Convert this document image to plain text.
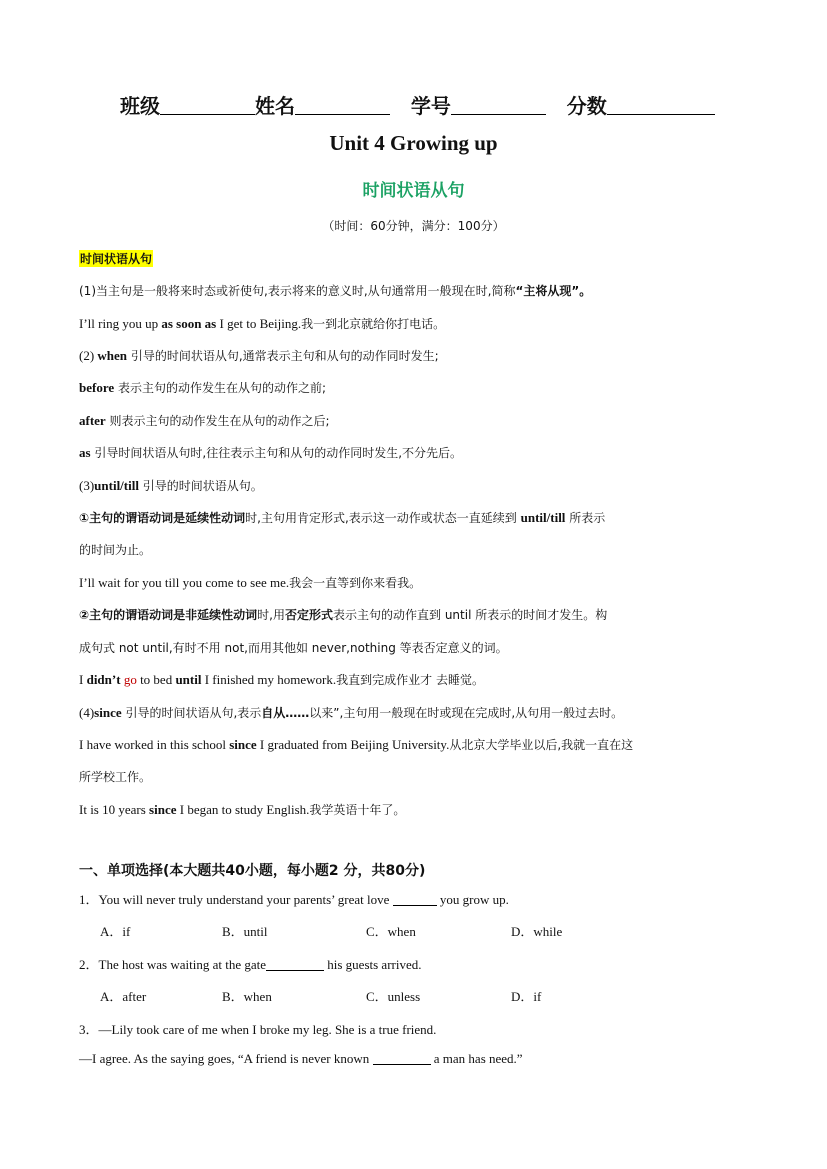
班级	姓名	学号	分数
Unit 4 Growing up
时间状语从句
（时间：60分钟，满分：100分）
时间状语从句
(1)当主句是一般将来时态或祈使句,表示将来的意义时,从句通常用一般现在时,简称“主将从现”。
I’ll ring you up as soon as I get to Beijing.我一到北京就给你打电话。
(2) when 引导的时间状语从句,通常表示主句和从句的动作同时发生;
before 表示主句的动作发生在从句的动作之前;
after 则表示主句的动作发生在从句的动作之后;
as 引导时间状语从句时,往往表示主句和从句的动作同时发生,不分先后。
(3)until/till 引导的时间状语从句。
①主句的谓语动词是延续性动词时,主句用肯定形式,表示这一动作或状态一直延续到 until/till 所表示
的时间为止。
I’ll wait for you till you come to see me.我会一直等到你来看我。
②主句的谓语动词是非延续性动词时,用否定形式表示主句的动作直到 until 所表示的时间才发生。构
成句式 not until,有时不用 not,而用其他如 never,nothing 等表否定意义的词。
I didn’t go to bed until I finished my homework.我直到完成作业才 去睡觉。
(4)since 引导的时间状语从句,表示自从……以来”,主句用一般现在时或现在完成时,从句用一般过去时。
I have worked in this school since I graduated from Beijing University.从北京大学毕业以后,我就一直在这
所学校工作。
It is 10 years since I began to study English.我学英语十年了。
一、单项选择(本大题共40小题，每小题2 分，共80分)
1．You will never truly understand your parents’ great love	you grow up.
A．if	B．until	C．when	D．while
2．The host was waiting at the gate	his guests arrived.
A．after	B．when	C．unless	D．if
3．—Lily took care of me when I broke my leg. She is a true friend.
—I agree. As the saying goes, “A friend is never known	a man has need.”
